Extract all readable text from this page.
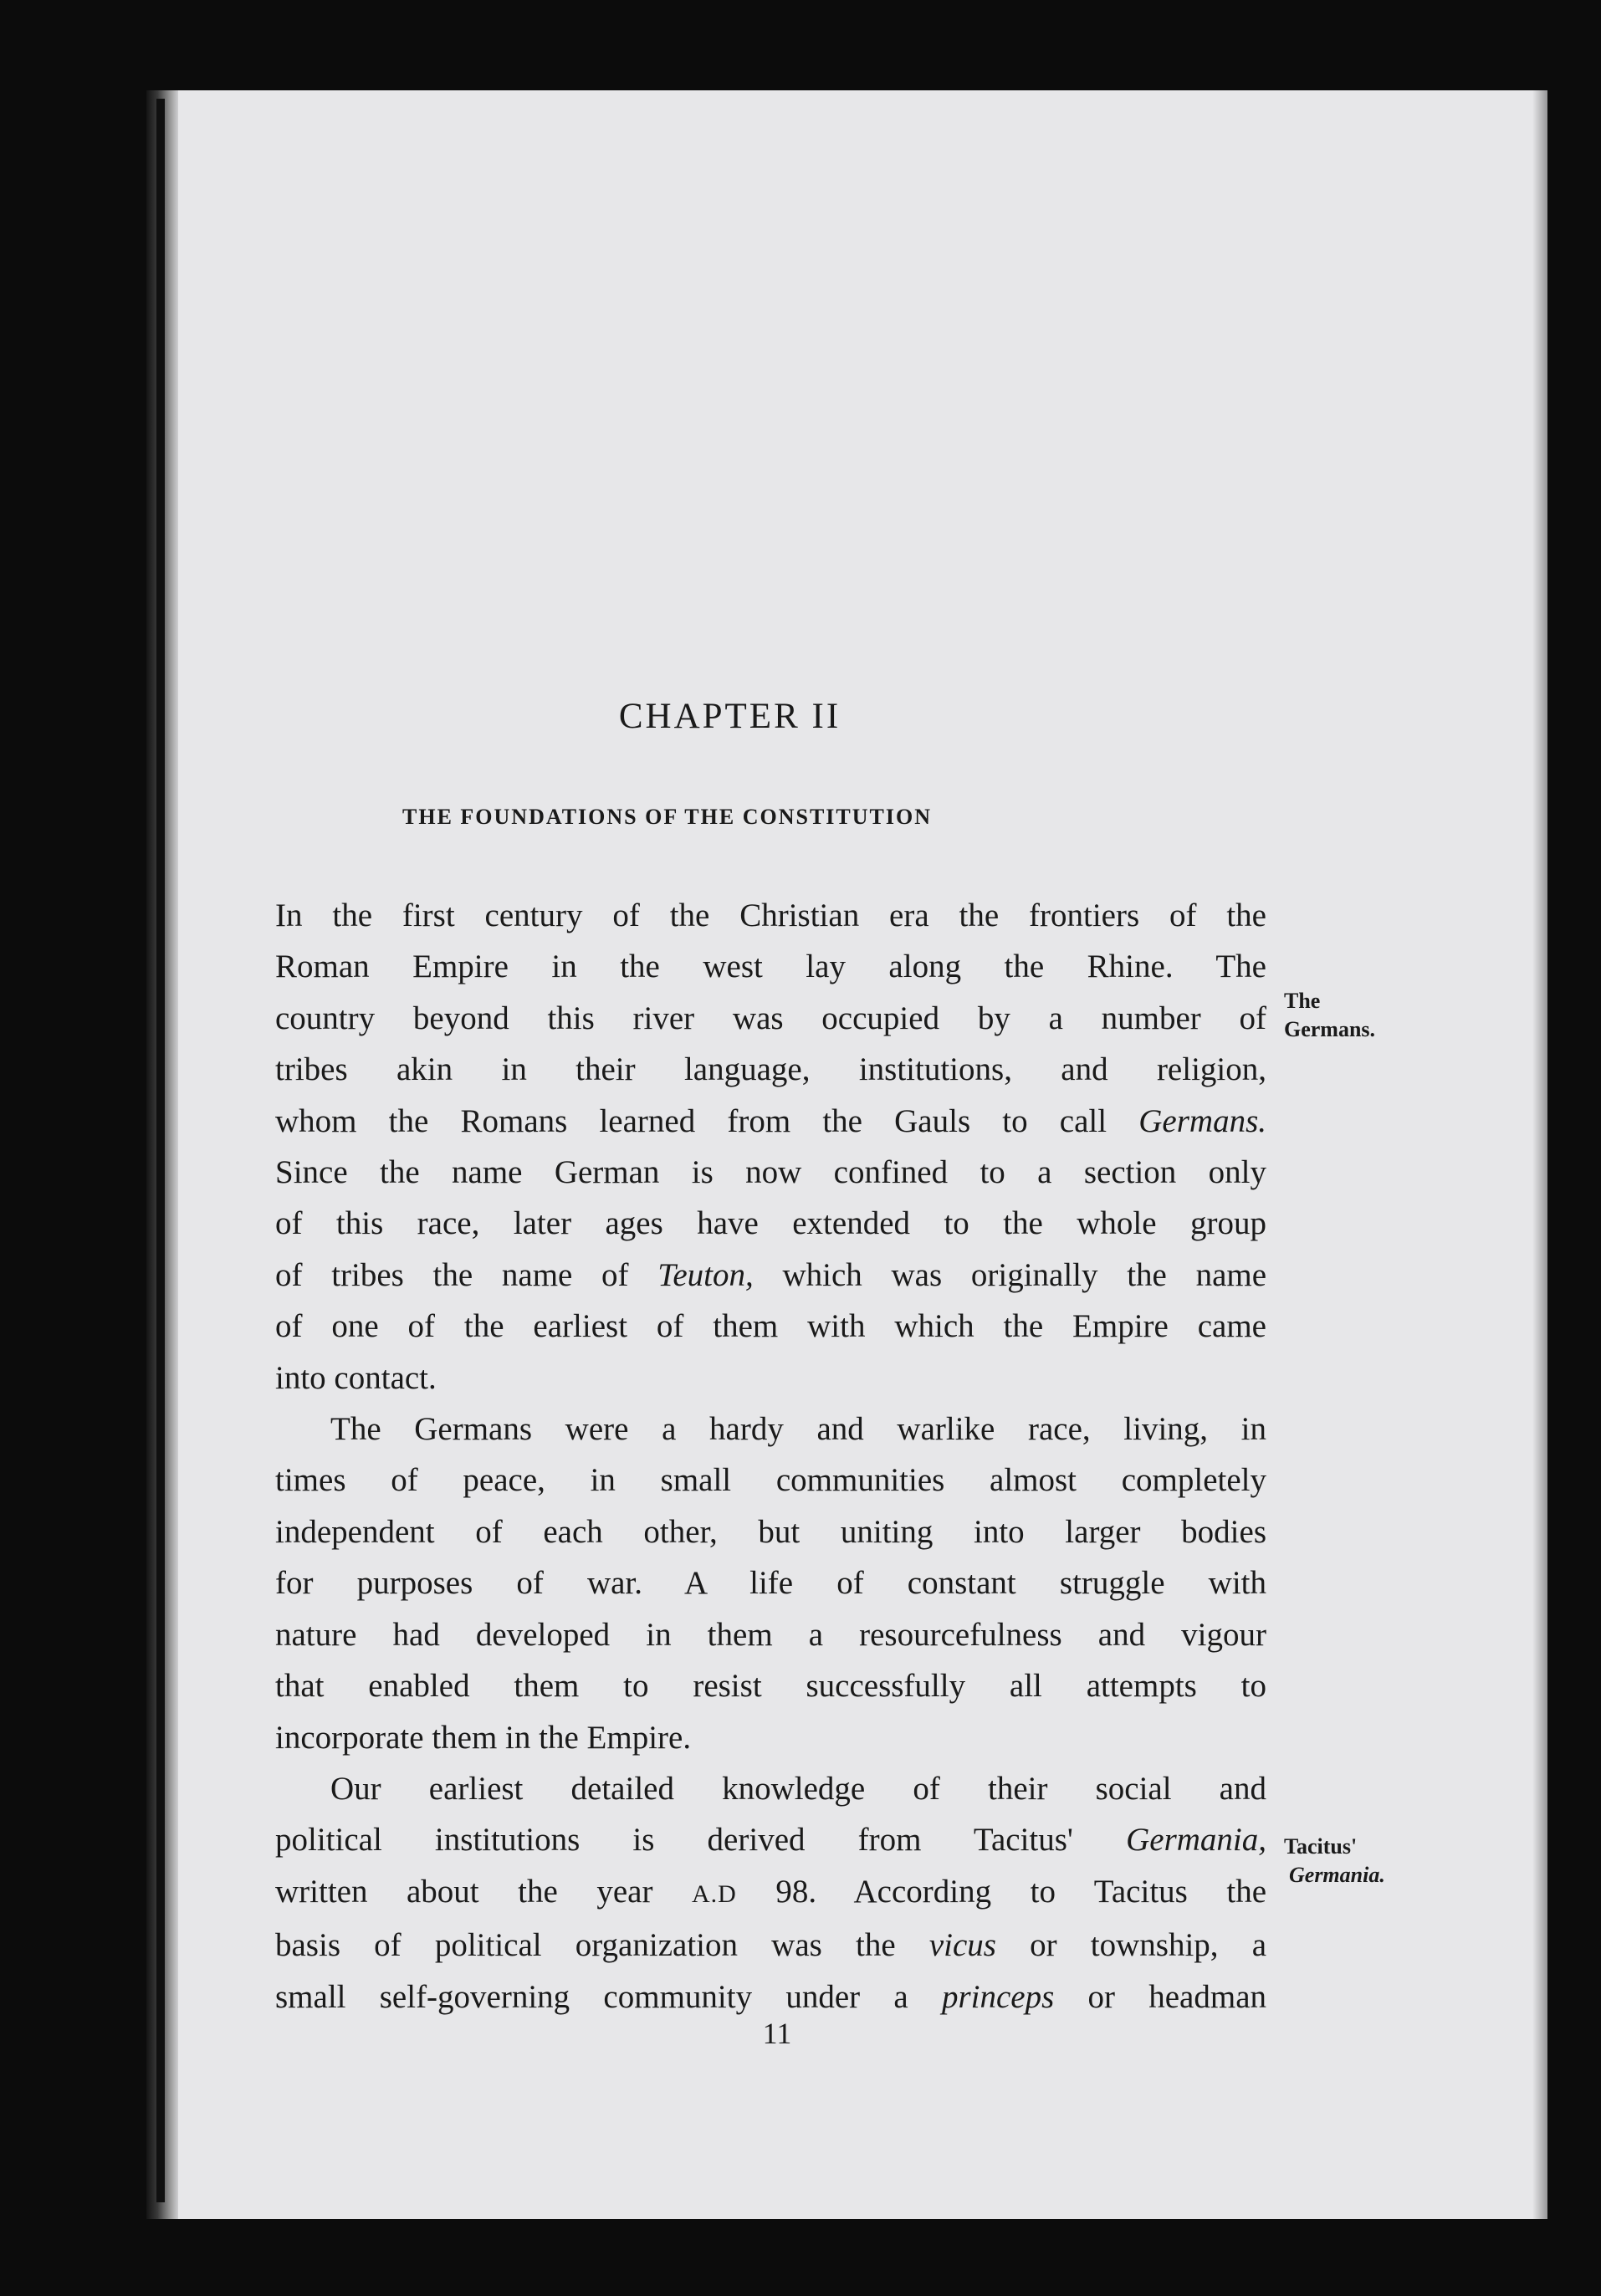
CHAPTER II
THE FOUNDATIONS OF THE CONSTITUTION
In the first century of the Christian era the frontiers of the
Roman Empire in the west lay along the Rhine. The
country beyond this river was occupied by a number of
tribes akin in their language, institutions, and religion,
whom the Romans learned from the Gauls to call Germans.
Since the name German is now confined to a section only
of this race, later ages have extended to the whole group
of tribes the name of Teuton, which was originally the name
of one of the earliest of them with which the Empire came
into contact.
The Germans were a hardy and warlike race, living, in
times of peace, in small communities almost completely
independent of each other, but uniting into larger bodies
for purposes of war. A life of constant struggle with
nature had developed in them a resourcefulness and vigour
that enabled them to resist successfully all attempts to
incorporate them in the Empire.
Our earliest detailed knowledge of their social and
political institutions is derived from Tacitus' Germania,
written about the year A.D 98. According to Tacitus the
basis of political organization was the vicus or township, a
small self-governing community under a princeps or headman
The
Germans.
Tacitus'
Germania.
11
